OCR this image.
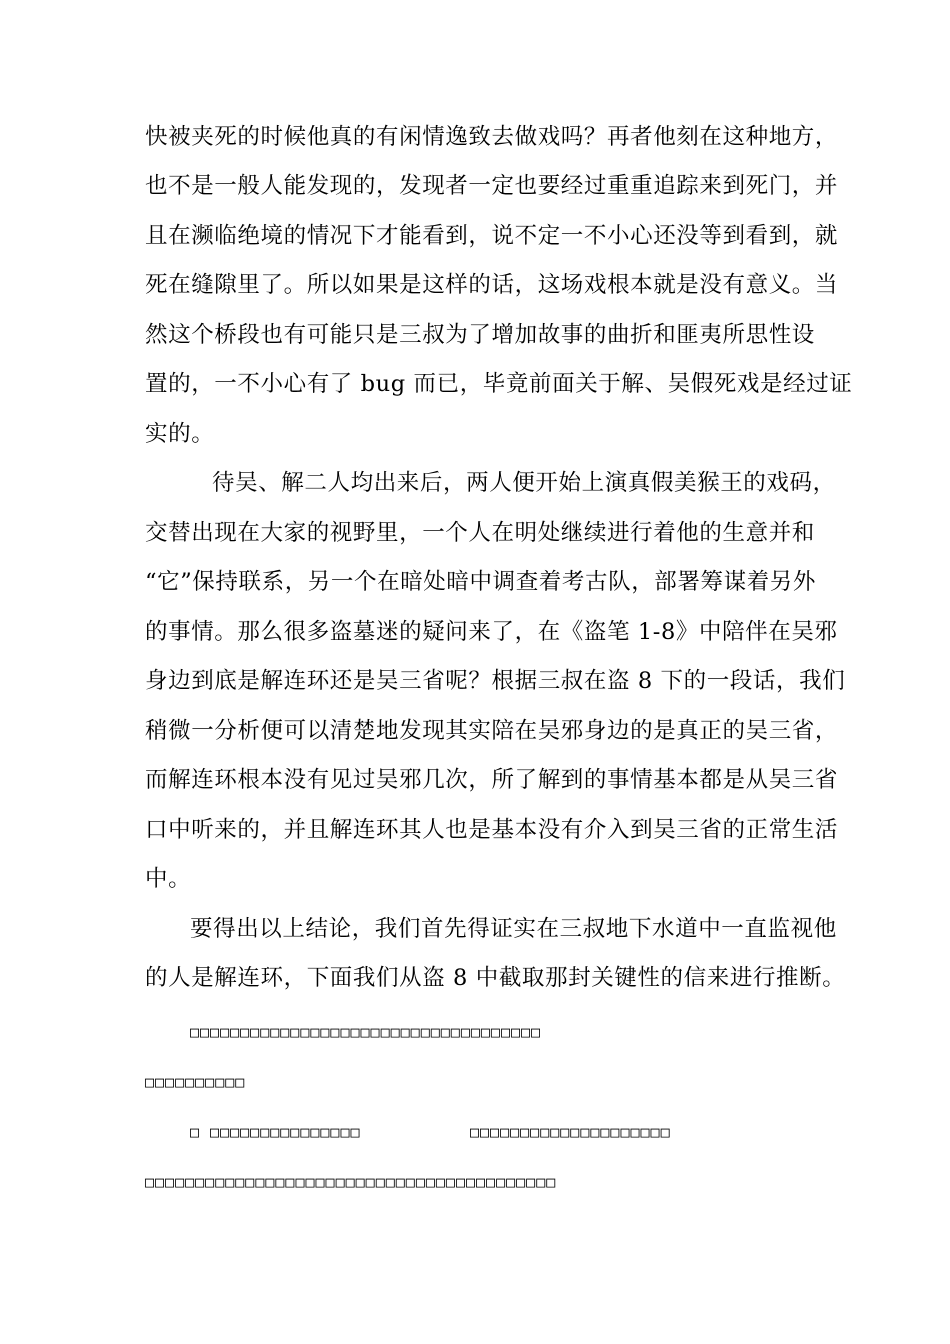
快被夹死的时候他真的有闲情逸致去做戏吗？再者他刻在这种地方，
也不是一般人能发现的，发现者一定也要经过重重追踪来到死门，并
且在濒临绝境的情况下才能看到，说不定一不小心还没等到看到，就
死在缝隙里了。所以如果是这样的话，这场戏根本就是没有意义。当
然这个桥段也有可能只是三叔为了增加故事的曲折和匪夷所思性设
置的，一不小心有了 bug 而已，毕竟前面关于解、吴假死戏是经过证
实的。
待吴、解二人均出来后，两人便开始上演真假美猴王的戏码，
交替出现在大家的视野里，一个人在明处继续进行着他的生意并和
“它”保持联系，另一个在暗处暗中调查着考古队，部署筹谋着另外
的事情。那么很多盗墓迷的疑问来了，在《盗笔 1-8》中陪伴在吴邪
身边到底是解连环还是吴三省呢？根据三叔在盗 8 下的一段话，我们
稍微一分析便可以清楚地发现其实陪在吴邪身边的是真正的吴三省，
而解连环根本没有见过吴邪几次，所了解到的事情基本都是从吴三省
口中听来的，并且解连环其人也是基本没有介入到吴三省的正常生活
中。
要得出以上结论，我们首先得证实在三叔地下水道中一直监视他
的人是解连环，下面我们从盗 8 中截取那封关键性的信来进行推断。
□□□□□□□□□□□□□□□□□□□□□□□□□□□□□□□□□□□
□□□□□□□□□□
□ □□□□□□□□□□□□□□□	□□□□□□□□□□□□□□□□□□□□
□□□□□□□□□□□□□□□□□□□□□□□□□□□□□□□□□□□□□□□□□
